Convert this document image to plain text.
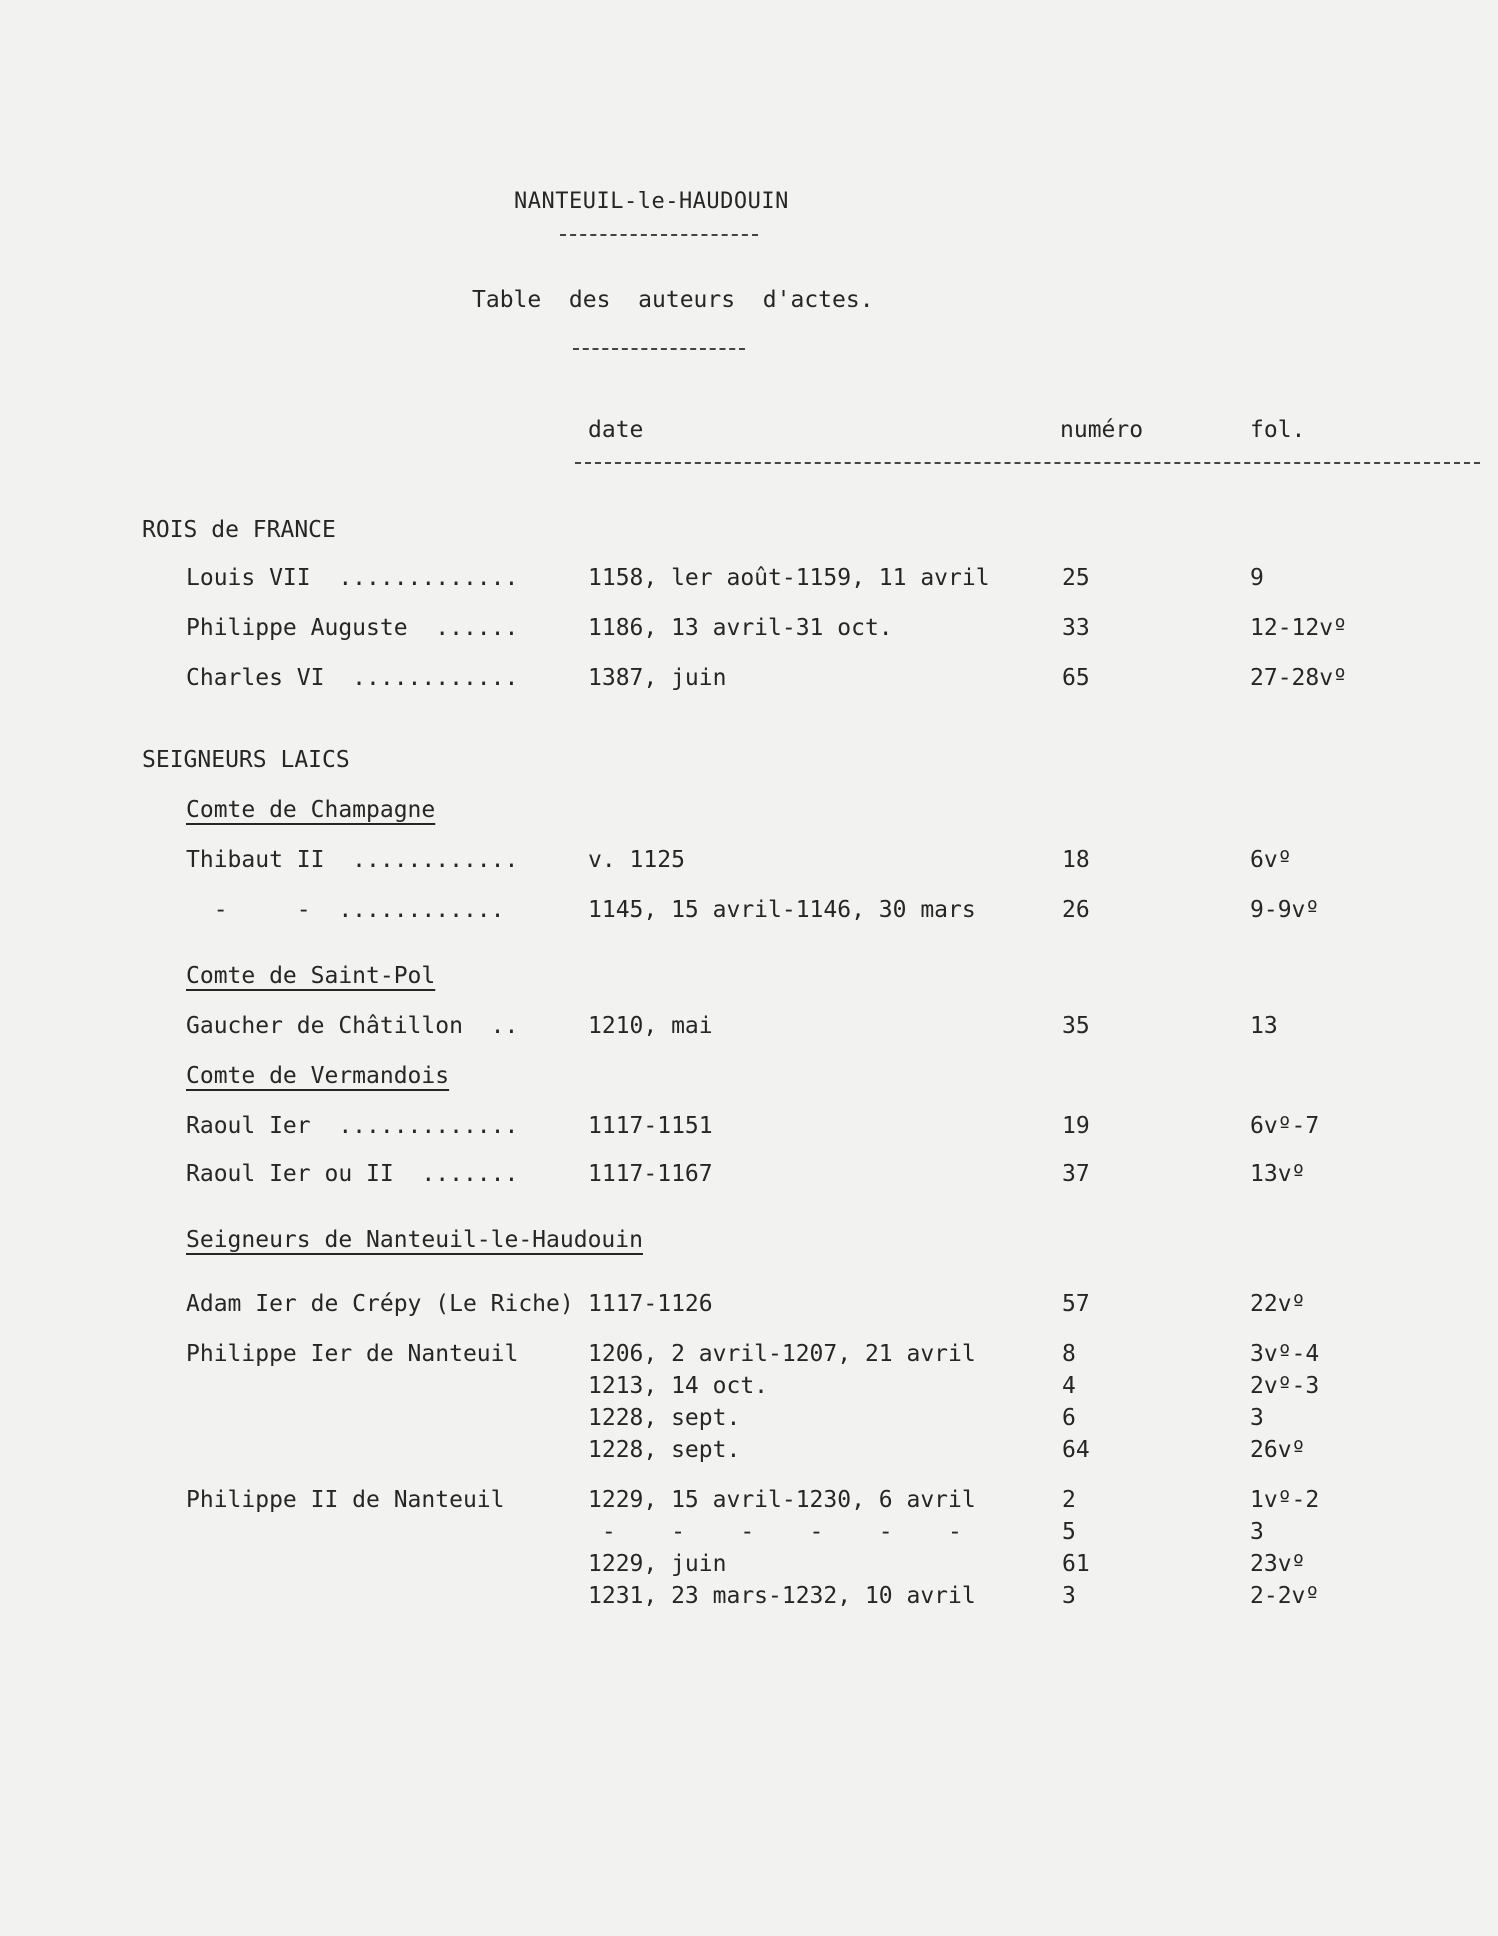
NANTEUIL-le-HAUDOUIN
Table  des  auteurs  d'actes.
date	numéro	fol.
ROIS de FRANCE
Louis VII  .............	1158, ler août-1159, 11 avril	25	9
Philippe Auguste  ......	1186, 13 avril-31 oct.	33	12-12vº
Charles VI  ............	1387, juin	65	27-28vº
SEIGNEURS LAICS
Comte de Champagne
Thibaut II  ............	v. 1125	18	6vº
-     -  ............	1145, 15 avril-1146, 30 mars	26	9-9vº
Comte de Saint-Pol
Gaucher de Châtillon  ..	1210, mai	35	13
Comte de Vermandois
Raoul Ier  .............	1117-1151	19	6vº-7
Raoul Ier ou II  .......	1117-1167	37	13vº
Seigneurs de Nanteuil-le-Haudouin
Adam Ier de Crépy (Le Riche) 1117-1126	57	22vº
Philippe Ier de Nanteuil	1206, 2 avril-1207, 21 avril	8	3vº-4
1213, 14 oct.	4	2vº-3
1228, sept.	6	3
1228, sept.	64	26vº
Philippe II de Nanteuil	1229, 15 avril-1230, 6 avril	2	1vº-2
-    -    -    -    -    -	5	3
1229, juin	61	23vº
1231, 23 mars-1232, 10 avril	3	2-2vº
